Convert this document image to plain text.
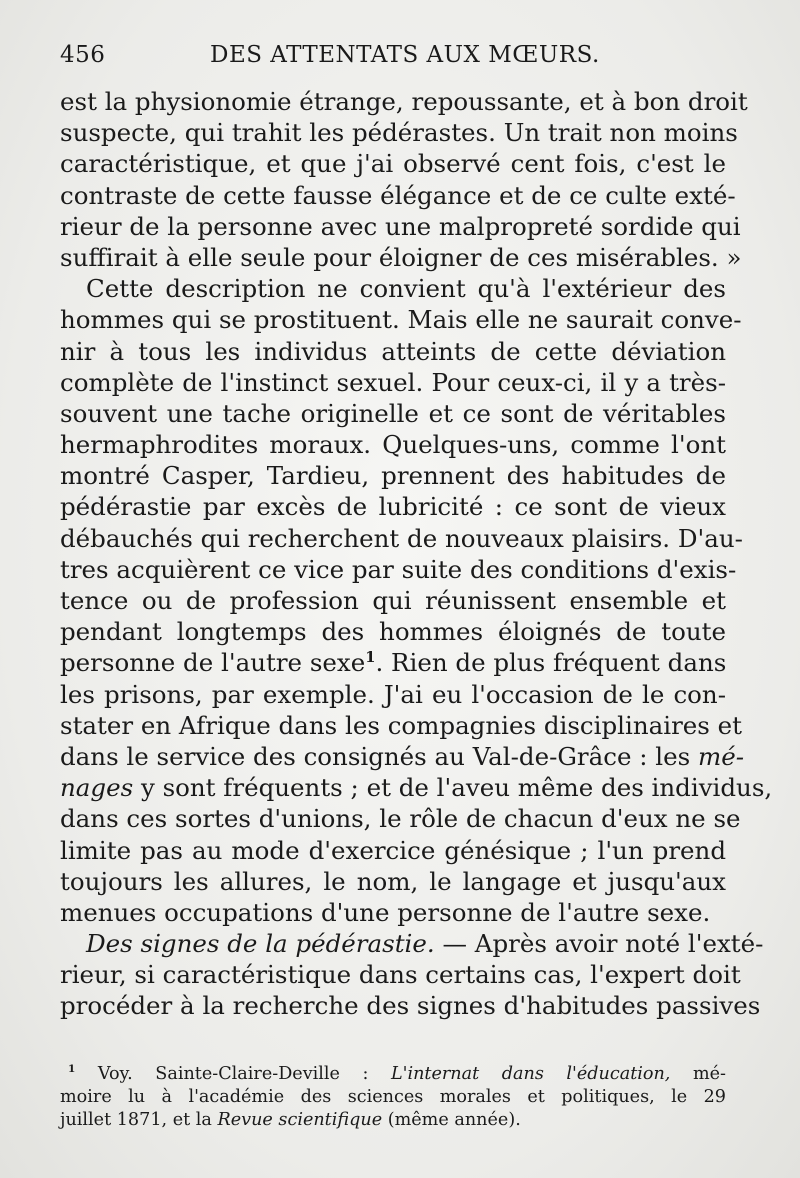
456	DES ATTENTATS AUX MŒURS.
est la physionomie étrange, repoussante, et à bon droit
suspecte, qui trahit les pédérastes. Un trait non moins
caractéristique, et que j'ai observé cent fois, c'est le
contraste de cette fausse élégance et de ce culte exté-
rieur de la personne avec une malpropreté sordide qui
suffirait à elle seule pour éloigner de ces misérables. »
Cette description ne convient qu'à l'extérieur des
hommes qui se prostituent. Mais elle ne saurait conve-
nir à tous les individus atteints de cette déviation
complète de l'instinct sexuel. Pour ceux-ci, il y a très-
souvent une tache originelle et ce sont de véritables
hermaphrodites moraux. Quelques-uns, comme l'ont
montré Casper, Tardieu, prennent des habitudes de
pédérastie par excès de lubricité : ce sont de vieux
débauchés qui recherchent de nouveaux plaisirs. D'au-
tres acquièrent ce vice par suite des conditions d'exis-
tence ou de profession qui réunissent ensemble et
pendant longtemps des hommes éloignés de toute
personne de l'autre sexe$^1$. Rien de plus fréquent dans
les prisons, par exemple. J'ai eu l'occasion de le con-
stater en Afrique dans les compagnies disciplinaires et
dans le service des consignés au Val-de-Grâce : les mé-
nages y sont fréquents ; et de l'aveu même des individus,
dans ces sortes d'unions, le rôle de chacun d'eux ne se
limite pas au mode d'exercice génésique ; l'un prend
toujours les allures, le nom, le langage et jusqu'aux
menues occupations d'une personne de l'autre sexe.
Des signes de la pédérastie. — Après avoir noté l'exté-
rieur, si caractéristique dans certains cas, l'expert doit
procéder à la recherche des signes d'habitudes passives
$^1$ Voy. Sainte-Claire-Deville : L'internat dans l'éducation, mé-
moire lu à l'académie des sciences morales et politiques, le 29
juillet 1871, et la Revue scientifique (même année).
